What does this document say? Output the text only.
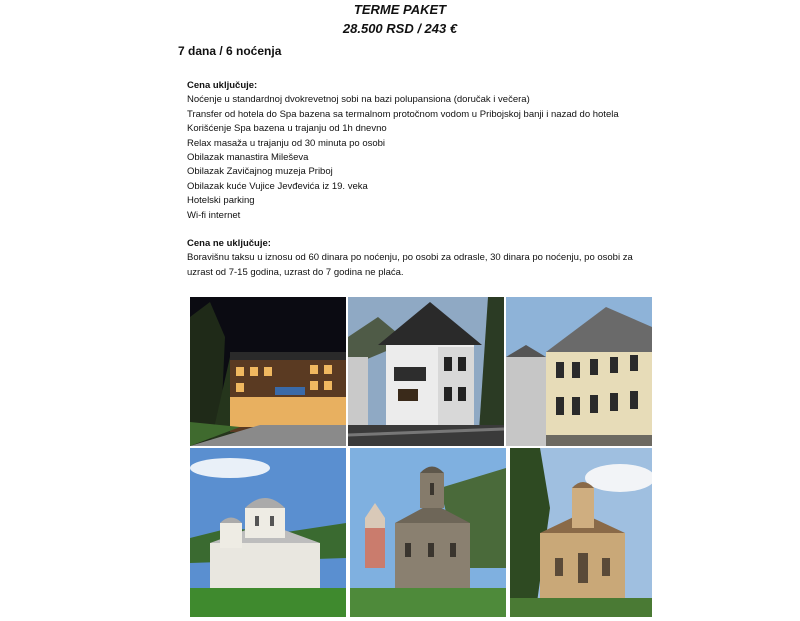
TERME PAKET
28.500 RSD / 243 €
7 dana / 6 noćenja
Cena uključuje:
Noćenje u standardnoj dvokrevetnoj sobi na bazi polupansiona (doručak i večera)
Transfer od hotela do Spa bazena sa termalnom protočnom vodom u Pribojskoj banji i nazad do hotela
Korišćenje Spa bazena u trajanju od 1h dnevno
Relax masaža u trajanju od 30 minuta po osobi
Obilazak manastira Mileševa
Obilazak Zavičajnog muzeja Priboj
Obilazak kuće Vujice Jevđevića iz 19. veka
Hotelski parking
Wi-fi internet
Cena ne uključuje:
Boravišnu taksu u iznosu od 60 dinara po noćenju, po osobi za odrasle, 30 dinara po noćenju, po osobi za uzrast od 7-15 godina, uzrast do 7 godina ne plaća.
